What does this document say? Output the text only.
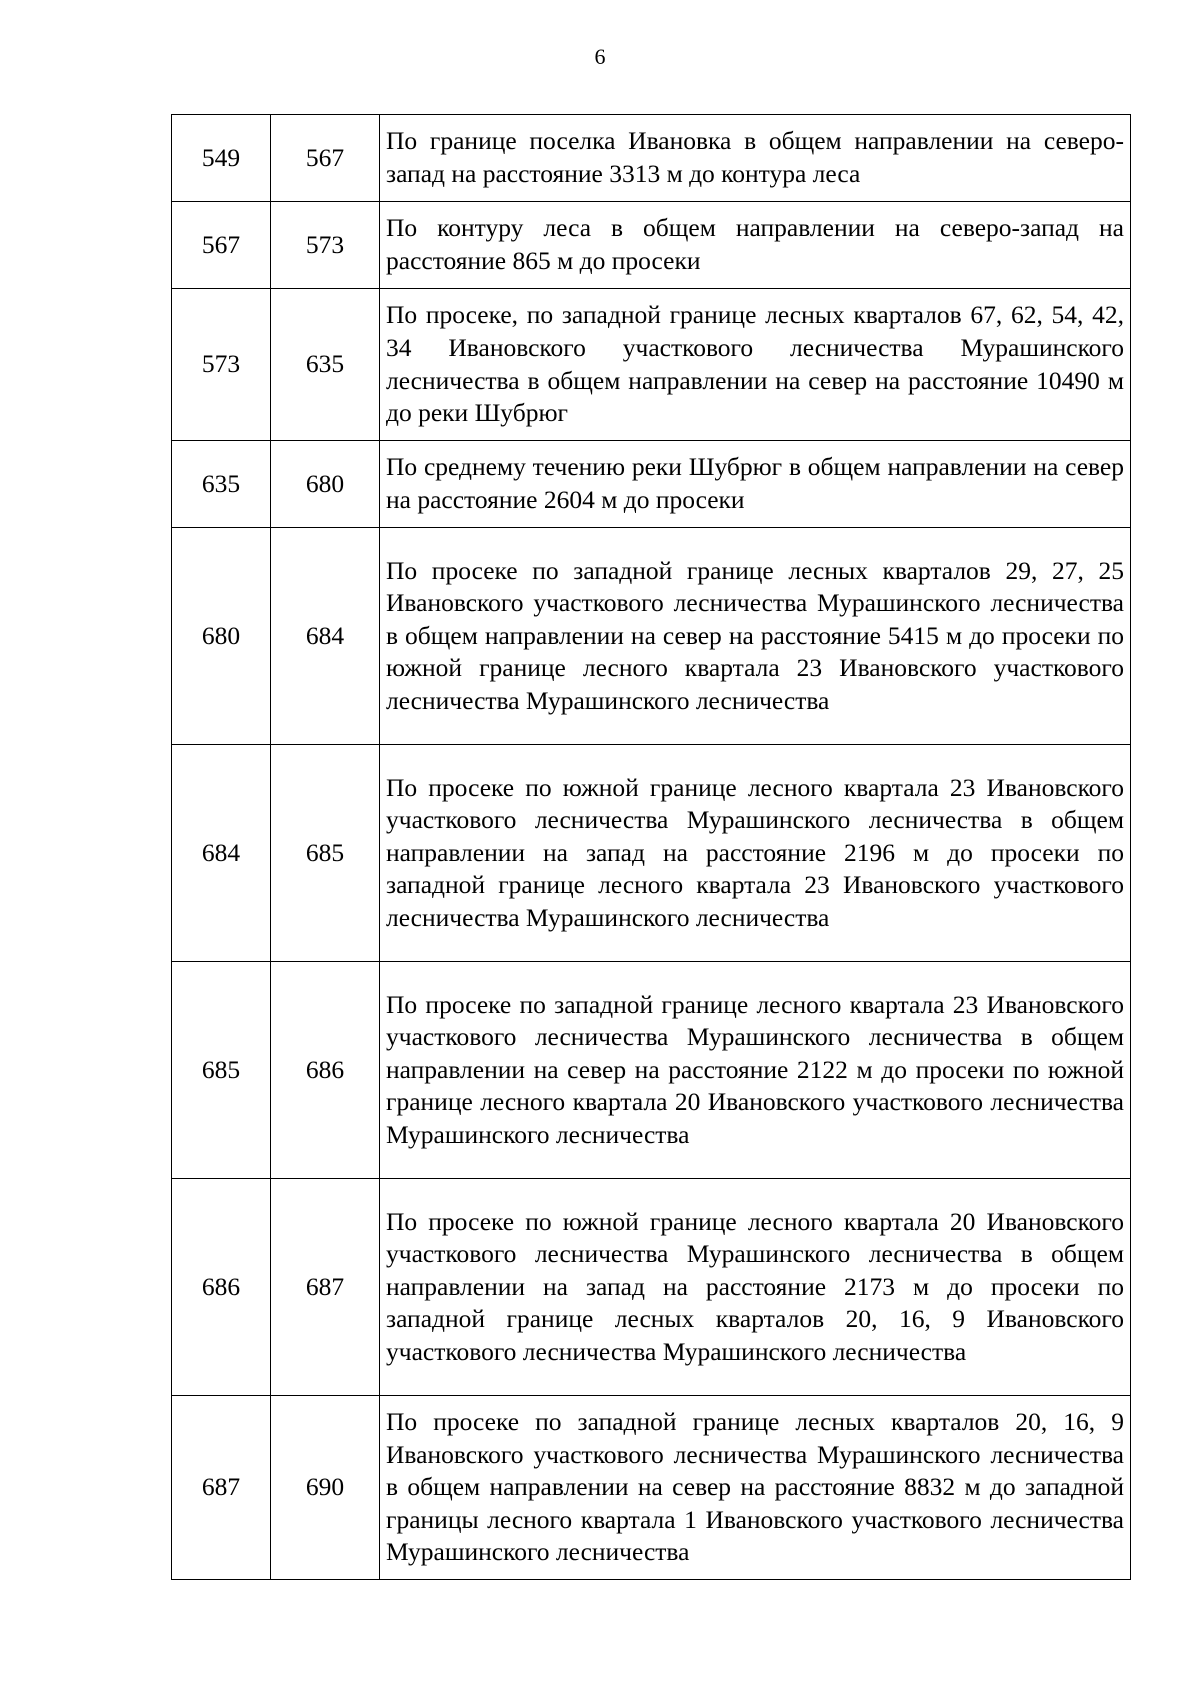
6
549	567	По границе поселка Ивановка в общем направлении на северо-запад на расстояние 3313 м до контура леса
567	573	По контуру леса в общем направлении на северо-запад на расстояние 865 м до просеки
573	635	По просеке, по западной границе лесных кварталов 67, 62, 54, 42, 34 Ивановского участкового лесничества Мурашинского лесничества в общем направлении на север на расстояние 10490 м до реки Шубрюг
635	680	По среднему течению реки Шубрюг в общем направлении на север на расстояние 2604 м до просеки
680	684	По просеке по западной границе лесных кварталов 29, 27, 25 Ивановского участкового лесничества Мурашинского лесничества в общем направлении на север на расстояние 5415 м до просеки по южной границе лесного квартала 23 Ивановского участкового лесничества Мурашинского лесничества
684	685	По просеке по южной границе лесного квартала 23 Ивановского участкового лесничества Мурашинского лесничества в общем направлении на запад на расстояние 2196 м до просеки по западной границе лесного квартала 23 Ивановского участкового лесничества Мурашинского лесничества
685	686	По просеке по западной границе лесного квартала 23 Ивановского участкового лесничества Мурашинского лесничества в общем направлении на север на расстояние 2122 м до просеки по южной границе лесного квартала 20 Ивановского участкового лесничества Мурашинского лесничества
686	687	По просеке по южной границе лесного квартала 20 Ивановского участкового лесничества Мурашинского лесничества в общем направлении на запад на расстояние 2173 м до просеки по западной границе лесных кварталов 20, 16, 9 Ивановского участкового лесничества Мурашинского лесничества
687	690	По просеке по западной границе лесных кварталов 20, 16, 9 Ивановского участкового лесничества Мурашинского лесничества в общем направлении на север на расстояние 8832 м до западной границы лесного квартала 1 Ивановского участкового лесничества Мурашинского лесничества
